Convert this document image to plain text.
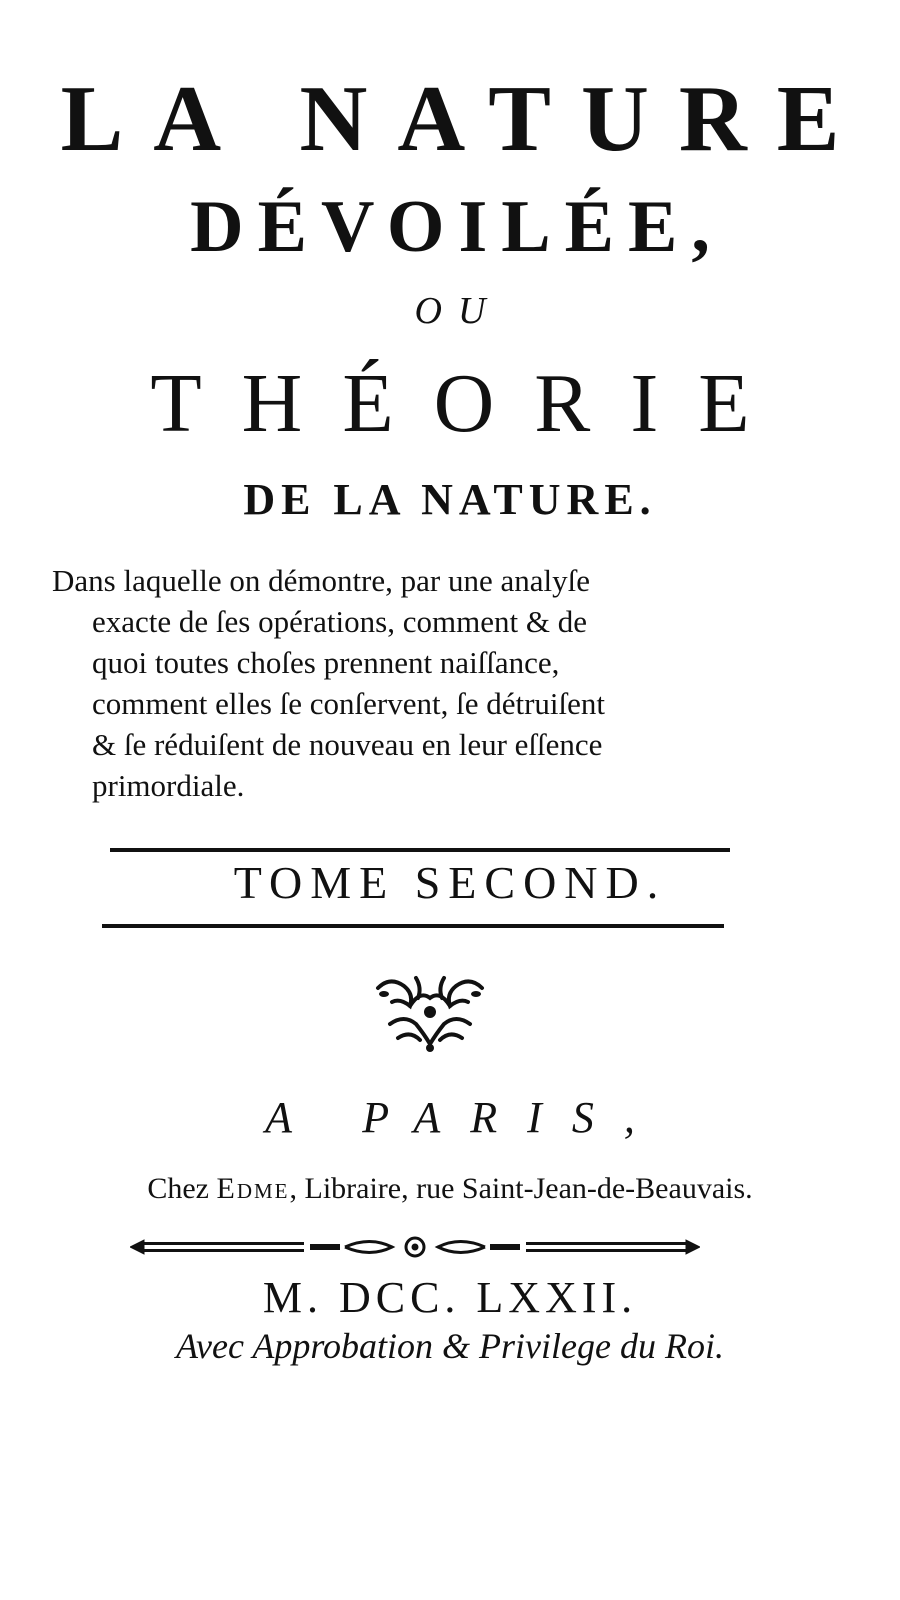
LA NATURE
DÉVOILÉE,
OU
THÉORIE
DE LA NATURE.

Dans laquelle on démontre, par une analyſe

exacte de ſes opérations, comment & de

quoi toutes choſes prennent naiſſance,

comment elles ſe conſervent, ſe détruiſent

& ſe réduiſent de nouveau en leur eſſence

primordiale.

TOME SECOND.
A PARIS,
Chez Edme, Libraire, rue Saint-Jean-de-Beauvais.
M. DCC. LXXII.
Avec Approbation & Privilege du Roi.
